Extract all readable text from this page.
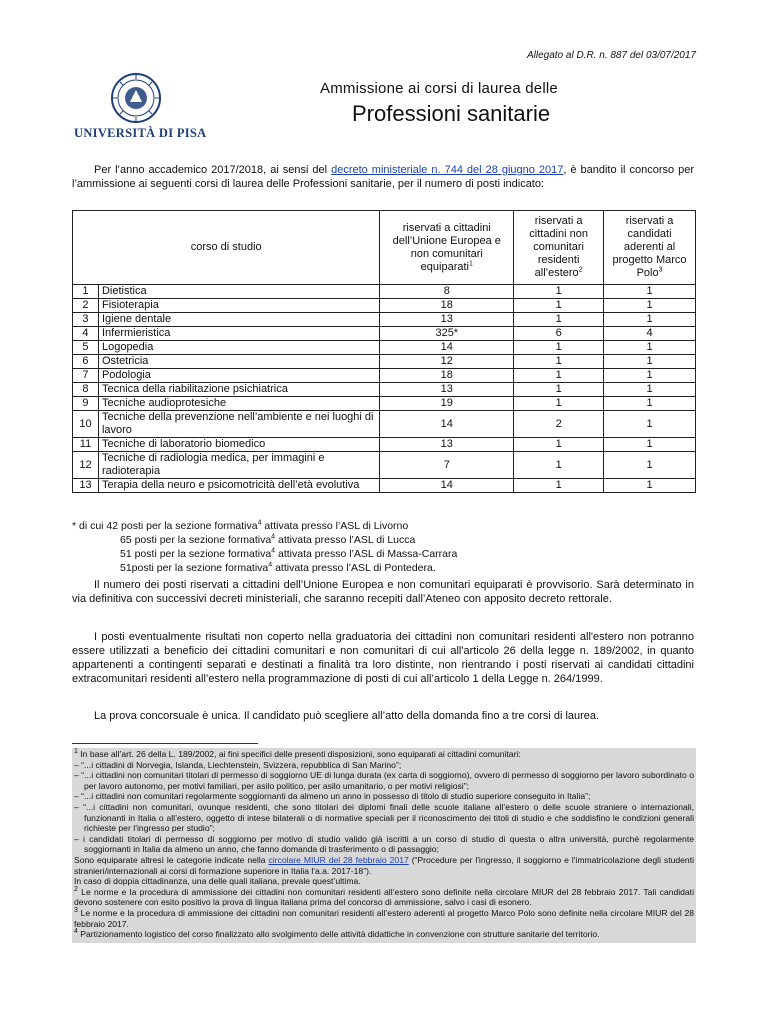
Allegato al D.R. n. 887 del 03/07/2017
UNIVERSITÀ DI PISA
Ammissione ai corsi di laurea delle
Professioni sanitarie
Per l’anno accademico 2017/2018, ai sensi del decreto ministeriale n. 744 del 28 giugno 2017, è bandito il concorso per l’ammissione ai seguenti corsi di laurea delle Professioni sanitarie, per il numero di posti indicato:
corso di studio		riservati a cittadini dell’Unione Europea e non comunitari equiparati$^1$	riservati a cittadini non comunitari residenti all’estero$^2$	riservati a candidati aderenti al progetto Marco Polo$^3$
1	Dietistica	8	1	1
2	Fisioterapia	18	1	1
3	Igiene dentale	13	1	1
4	Infermieristica	325*	6	4
5	Logopedia	14	1	1
6	Ostetricia	12	1	1
7	Podologia	18	1	1
8	Tecnica della riabilitazione psichiatrica	13	1	1
9	Tecniche audioprotesiche	19	1	1
10	Tecniche della prevenzione nell’ambiente e nei luoghi di lavoro	14	2	1
11	Tecniche di laboratorio biomedico	13	1	1
12	Tecniche di radiologia medica, per immagini e radioterapia	7	1	1
13	Terapia della neuro e psicomotricità dell’età evolutiva	14	1	1
* di cui 42 posti per la sezione formativa$^4$ attivata presso l’ASL di Livorno
65 posti per la sezione formativa$^4$ attivata presso l’ASL di Lucca
51 posti per la sezione formativa$^4$ attivata presso l’ASL di Massa-Carrara
51posti per la sezione formativa$^4$ attivata presso l’ASL di Pontedera.
Il numero dei posti riservati a cittadini dell’Unione Europea e non comunitari equiparati è provvisorio. Sarà determinato in via definitiva con successivi decreti ministeriali, che saranno recepiti dall’Ateneo con apposito decreto rettorale.
I posti eventualmente risultati non coperto nella graduatoria dei cittadini non comunitari residenti all'estero non potranno essere utilizzati a beneficio dei cittadini comunitari e non comunitari di cui all'articolo 26 della legge n. 189/2002, in quanto appartenenti a contingenti separati e destinati a finalità tra loro distinte, non rientrando i posti riservati ai candidati cittadini extracomunitari residenti all’estero nella programmazione di posti di cui all’articolo 1 della Legge n. 264/1999.
La prova concorsuale è unica. Il candidato può scegliere all’atto della domanda fino a tre corsi di laurea.
$^1$ In base all’art. 26 della L. 189/2002, ai fini specifici delle presenti disposizioni, sono equiparati ai cittadini comunitari:
– “...i cittadini di Norvegia, Islanda, Liechtenstein, Svizzera, repubblica di San Marino”;
– “...i cittadini non comunitari titolari di permesso di soggiorno UE di lunga durata (ex carta di soggiorno), ovvero di permesso di soggiorno per lavoro subordinato o per lavoro autonomo, per motivi familiari, per asilo politico, per asilo umanitario, o per motivi religiosi”;
– “...i cittadini non comunitari regolarmente soggiornanti da almeno un anno in possesso di titolo di studio superiore conseguito in Italia”;
– “...i cittadini non comunitari, ovunque residenti, che sono titolari dei diplomi finali delle scuole italiane all’estero o delle scuole straniere o internazionali, funzionanti in Italia o all’estero, oggetto di intese bilaterali o di normative speciali per il riconoscimento dei titoli di studio e che soddisfino le condizioni generali richieste per l’ingresso per studio”;
– i candidati titolari di permesso di soggiorno per motivo di studio valido già iscritti a un corso di studio di questa o altra università, purché regolarmente soggiornanti in Italia da almeno un anno, che fanno domanda di trasferimento o di passaggio;
Sono equiparate altresì le categorie indicate nella circolare MIUR del 28 febbraio 2017 (“Procedure per l'ingresso, il soggiorno e l'immatricolazione degli studenti stranieri/internazionali ai corsi di formazione superiore in Italia l'a.a. 2017-18”).
In caso di doppia cittadinanza, una delle quali italiana, prevale quest’ultima.
$^2$ Le norme e la procedura di ammissione dei cittadini non comunitari residenti all’estero sono definite nella circolare MIUR del 28 febbraio 2017. Tali candidati devono sostenere con esito positivo la prova di lingua italiana prima del concorso di ammissione, salvo i casi di esonero.
$^3$ Le norme e la procedura di ammissione dei cittadini non comunitari residenti all’estero aderenti al progetto Marco Polo sono definite nella circolare MIUR del 28 febbraio 2017.
$^4$ Partizionamento logistico del corso finalizzato allo svolgimento delle attività didattiche in convenzione con strutture sanitarie del territorio.
